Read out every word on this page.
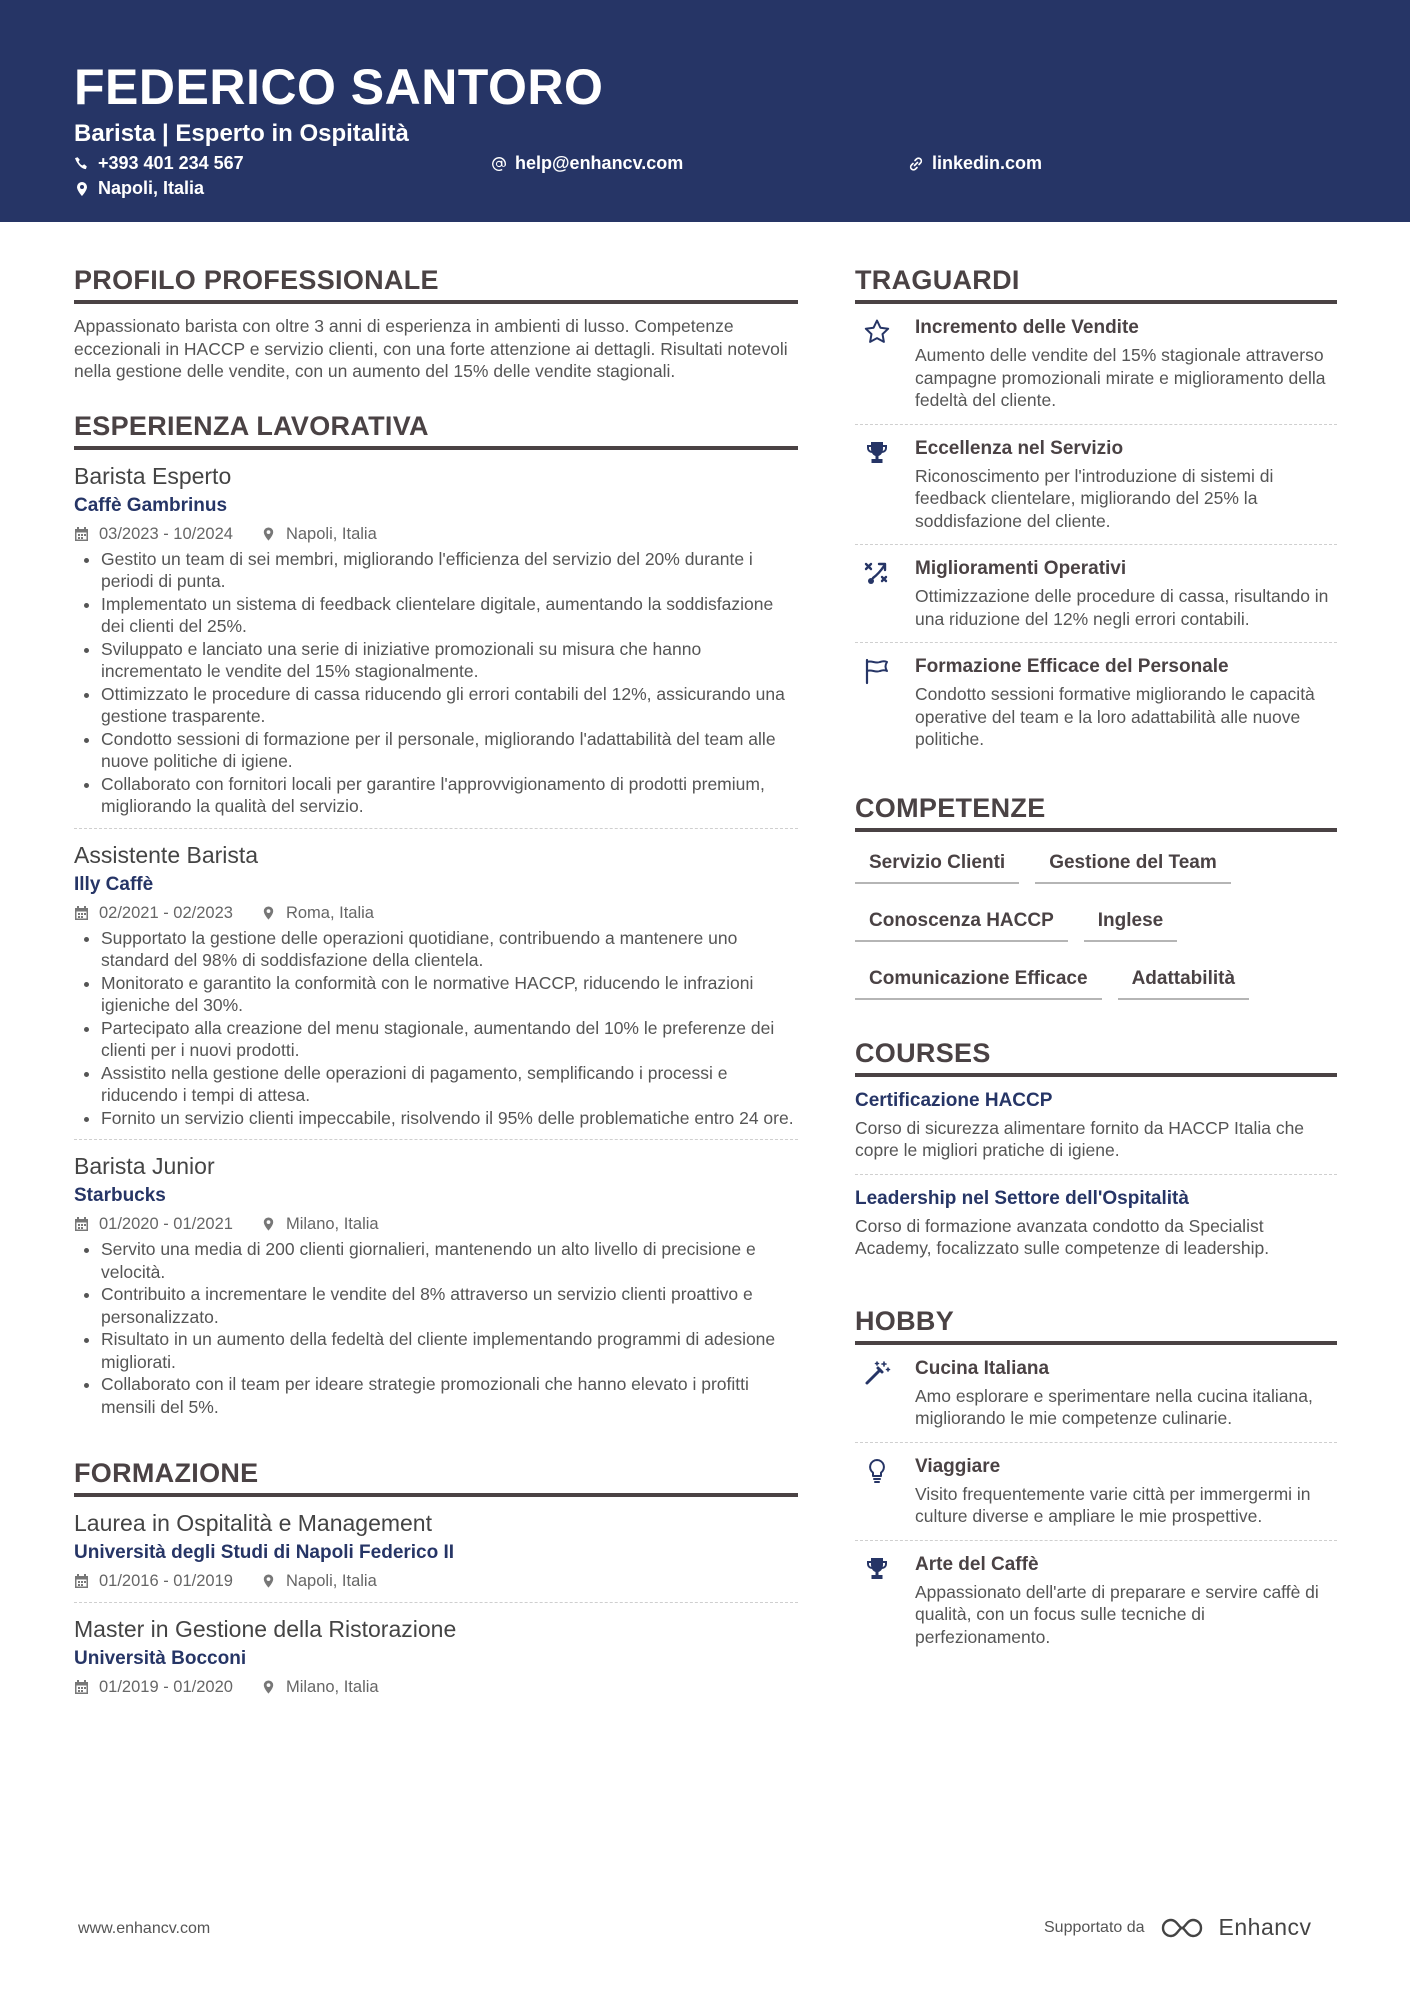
FEDERICO SANTORO
Barista | Esperto in Ospitalità
+393 401 234 567	help@enhancv.com	linkedin.com
Napoli, Italia
PROFILO PROFESSIONALE
Appassionato barista con oltre 3 anni di esperienza in ambienti di lusso. Competenze eccezionali in HACCP e servizio clienti, con una forte attenzione ai dettagli. Risultati notevoli nella gestione delle vendite, con un aumento del 15% delle vendite stagionali.
ESPERIENZA LAVORATIVA
Barista Esperto
Caffè Gambrinus
03/2023 - 10/2024	Napoli, Italia
• Gestito un team di sei membri, migliorando l'efficienza del servizio del 20% durante i periodi di punta.
• Implementato un sistema di feedback clientelare digitale, aumentando la soddisfazione dei clienti del 25%.
• Sviluppato e lanciato una serie di iniziative promozionali su misura che hanno incrementato le vendite del 15% stagionalmente.
• Ottimizzato le procedure di cassa riducendo gli errori contabili del 12%, assicurando una gestione trasparente.
• Condotto sessioni di formazione per il personale, migliorando l'adattabilità del team alle nuove politiche di igiene.
• Collaborato con fornitori locali per garantire l'approvvigionamento di prodotti premium, migliorando la qualità del servizio.
Assistente Barista
Illy Caffè
02/2021 - 02/2023	Roma, Italia
• Supportato la gestione delle operazioni quotidiane, contribuendo a mantenere uno standard del 98% di soddisfazione della clientela.
• Monitorato e garantito la conformità con le normative HACCP, riducendo le infrazioni igieniche del 30%.
• Partecipato alla creazione del menu stagionale, aumentando del 10% le preferenze dei clienti per i nuovi prodotti.
• Assistito nella gestione delle operazioni di pagamento, semplificando i processi e riducendo i tempi di attesa.
• Fornito un servizio clienti impeccabile, risolvendo il 95% delle problematiche entro 24 ore.
Barista Junior
Starbucks
01/2020 - 01/2021	Milano, Italia
• Servito una media di 200 clienti giornalieri, mantenendo un alto livello di precisione e velocità.
• Contribuito a incrementare le vendite del 8% attraverso un servizio clienti proattivo e personalizzato.
• Risultato in un aumento della fedeltà del cliente implementando programmi di adesione migliorati.
• Collaborato con il team per ideare strategie promozionali che hanno elevato i profitti mensili del 5%.
FORMAZIONE
Laurea in Ospitalità e Management
Università degli Studi di Napoli Federico II
01/2016 - 01/2019	Napoli, Italia
Master in Gestione della Ristorazione
Università Bocconi
01/2019 - 01/2020	Milano, Italia
TRAGUARDI
Incremento delle Vendite
Aumento delle vendite del 15% stagionale attraverso campagne promozionali mirate e miglioramento della fedeltà del cliente.
Eccellenza nel Servizio
Riconoscimento per l'introduzione di sistemi di feedback clientelare, migliorando del 25% la soddisfazione del cliente.
Miglioramenti Operativi
Ottimizzazione delle procedure di cassa, risultando in una riduzione del 12% negli errori contabili.
Formazione Efficace del Personale
Condotto sessioni formative migliorando le capacità operative del team e la loro adattabilità alle nuove politiche.
COMPETENZE
Servizio Clienti	Gestione del Team
Conoscenza HACCP	Inglese
Comunicazione Efficace	Adattabilità
COURSES
Certificazione HACCP
Corso di sicurezza alimentare fornito da HACCP Italia che copre le migliori pratiche di igiene.
Leadership nel Settore dell'Ospitalità
Corso di formazione avanzata condotto da Specialist Academy, focalizzato sulle competenze di leadership.
HOBBY
Cucina Italiana
Amo esplorare e sperimentare nella cucina italiana, migliorando le mie competenze culinarie.
Viaggiare
Visito frequentemente varie città per immergermi in culture diverse e ampliare le mie prospettive.
Arte del Caffè
Appassionato dell'arte di preparare e servire caffè di qualità, con un focus sulle tecniche di perfezionamento.
www.enhancv.com	Supportato da	Enhancv
